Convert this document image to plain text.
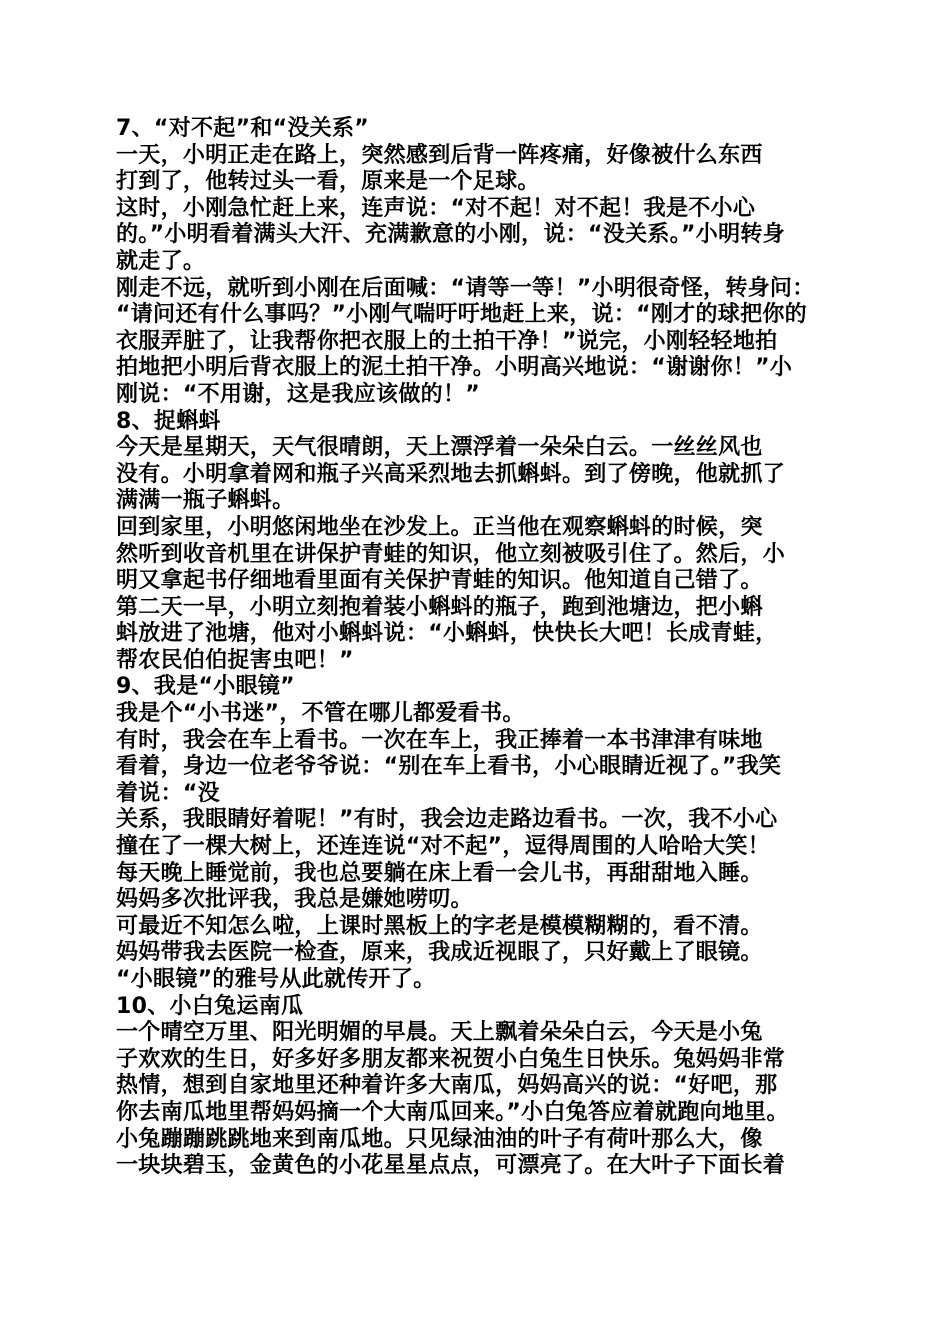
7、“对不起”和“没关系”
一天，小明正走在路上，突然感到后背一阵疼痛，好像被什么东西
打到了，他转过头一看，原来是一个足球。
这时，小刚急忙赶上来，连声说：“对不起！对不起！我是不小心
的。”小明看着满头大汗、充满歉意的小刚，说：“没关系。”小明转身
就走了。
刚走不远，就听到小刚在后面喊：“请等一等！”小明很奇怪，转身问：
“请问还有什么事吗？”小刚气喘吁吁地赶上来，说：“刚才的球把你的
衣服弄脏了，让我帮你把衣服上的土拍干净！”说完，小刚轻轻地拍
拍地把小明后背衣服上的泥土拍干净。小明高兴地说：“谢谢你！”小
刚说：“不用谢，这是我应该做的！”
8、捉蝌蚪
今天是星期天，天气很晴朗，天上漂浮着一朵朵白云。一丝丝风也
没有。小明拿着网和瓶子兴高采烈地去抓蝌蚪。到了傍晚，他就抓了
满满一瓶子蝌蚪。
回到家里，小明悠闲地坐在沙发上。正当他在观察蝌蚪的时候，突
然听到收音机里在讲保护青蛙的知识，他立刻被吸引住了。然后，小
明又拿起书仔细地看里面有关保护青蛙的知识。他知道自己错了。
第二天一早，小明立刻抱着装小蝌蚪的瓶子，跑到池塘边，把小蝌
蚪放进了池塘，他对小蝌蚪说：“小蝌蚪，快快长大吧！长成青蛙，
帮农民伯伯捉害虫吧！”
9、我是“小眼镜”
我是个“小书迷”，不管在哪儿都爱看书。
有时，我会在车上看书。一次在车上，我正捧着一本书津津有味地
看着，身边一位老爷爷说：“别在车上看书，小心眼睛近视了。”我笑
着说：“没
关系，我眼睛好着呢！”有时，我会边走路边看书。一次，我不小心
撞在了一棵大树上，还连连说“对不起”，逗得周围的人哈哈大笑！
每天晚上睡觉前，我也总要躺在床上看一会儿书，再甜甜地入睡。
妈妈多次批评我，我总是嫌她唠叨。
可最近不知怎么啦，上课时黑板上的字老是模模糊糊的，看不清。
妈妈带我去医院一检查，原来，我成近视眼了，只好戴上了眼镜。
“小眼镜”的雅号从此就传开了。
10、小白兔运南瓜
一个晴空万里、阳光明媚的早晨。天上飘着朵朵白云，今天是小兔
子欢欢的生日，好多好多朋友都来祝贺小白兔生日快乐。兔妈妈非常
热情，想到自家地里还种着许多大南瓜，妈妈高兴的说：“好吧，那
你去南瓜地里帮妈妈摘一个大南瓜回来。”小白兔答应着就跑向地里。
小兔蹦蹦跳跳地来到南瓜地。只见绿油油的叶子有荷叶那么大，像
一块块碧玉，金黄色的小花星星点点，可漂亮了。在大叶子下面长着
